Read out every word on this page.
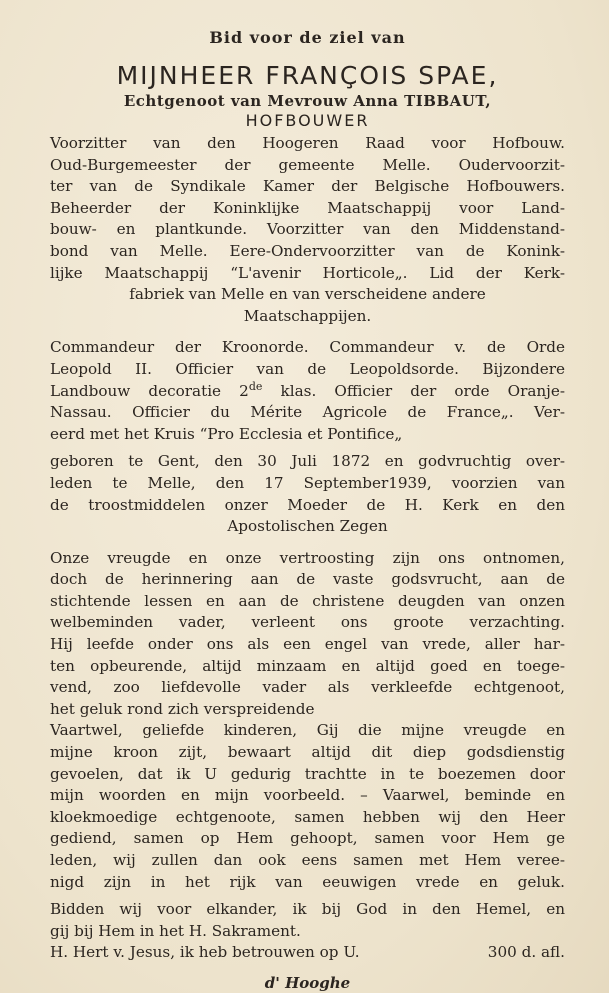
Bid voor de ziel van
MIJNHEER FRANÇOIS SPAE,
Echtgenoot van Mevrouw Anna TIBBAUT,
HOFBOUWER
Voorzitter van den Hoogeren Raad voor Hofbouw.
Oud-Burgemeester der gemeente Melle. Oudervoorzit-
ter van de Syndikale Kamer der Belgische Hofbouwers.
Beheerder der Koninklijke Maatschappij voor Land-
bouw- en plantkunde. Voorzitter van den Middenstand-
bond van Melle. Eere-Ondervoorzitter van de Konink-
lijke Maatschappij “L'avenir Horticole„. Lid der Kerk-
fabriek van Melle en van verscheidene andere
Maatschappijen.
Commandeur der Kroonorde. Commandeur v. de Orde
Leopold II. Officier van de Leopoldsorde. Bijzondere
Landbouw decoratie 2de klas. Officier der orde Oranje-
Nassau. Officier du Mérite Agricole de France„. Ver-
eerd met het Kruis “Pro Ecclesia et Pontifice„
geboren te Gent, den 30 Juli 1872 en godvruchtig over-
leden te Melle, den 17 September1939, voorzien van
de troostmiddelen onzer Moeder de H. Kerk en den
Apostolischen Zegen
Onze vreugde en onze vertroosting zijn ons ontnomen,
doch de herinnering aan de vaste godsvrucht, aan de
stichtende lessen en aan de christene deugden van onzen
welbeminden vader, verleent ons groote verzachting.
Hij leefde onder ons als een engel van vrede, aller har-
ten opbeurende, altijd minzaam en altijd goed en toege-
vend, zoo liefdevolle vader als verkleefde echtgenoot,
het geluk rond zich verspreidende
Vaartwel, geliefde kinderen, Gij die mijne vreugde en
mijne kroon zijt, bewaart altijd dit diep godsdienstig
gevoelen, dat ik U gedurig trachtte in te boezemen door
mijn woorden en mijn voorbeeld. – Vaarwel, beminde en
kloekmoedige echtgenoote, samen hebben wij den Heer
gediend, samen op Hem gehoopt, samen voor Hem ge
leden, wij zullen dan ook eens samen met Hem veree-
nigd zijn in het rijk van eeuwigen vrede en geluk.
Bidden wij voor elkander, ik bij God in den Hemel, en
gij bij Hem in het H. Sakrament.
H. Hert v. Jesus, ik heb betrouwen op U.	300 d. afl.
d' Hooghe
